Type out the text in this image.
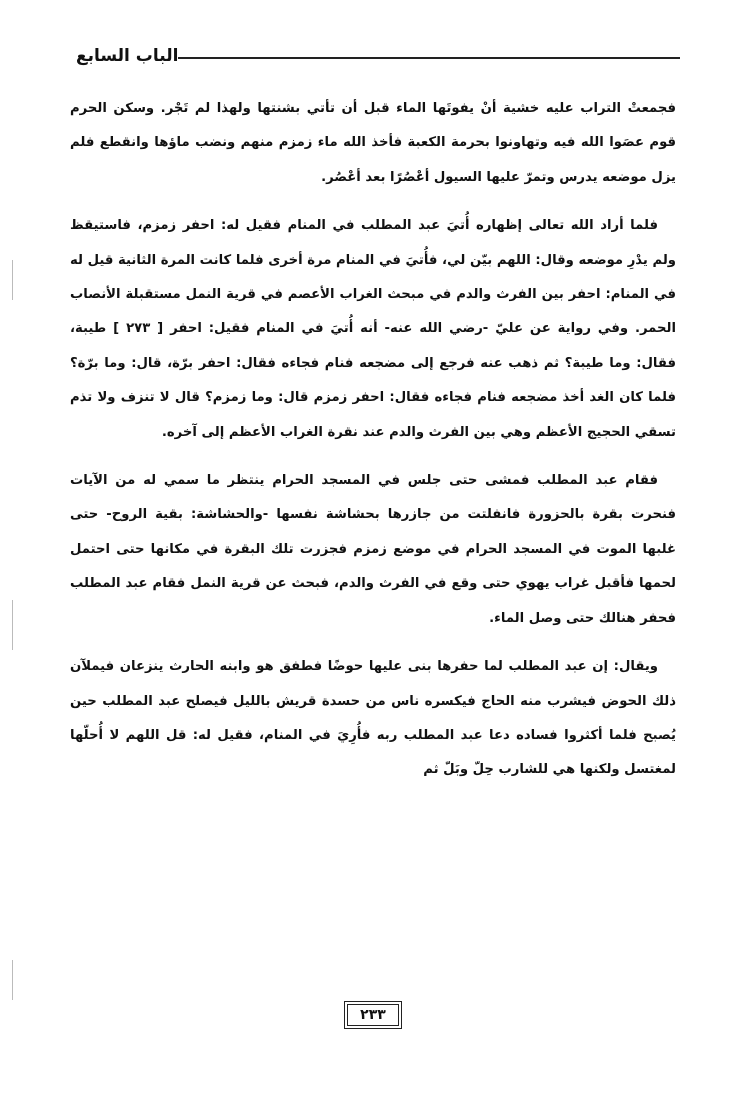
الباب السابع

فجمعتْ التراب عليه خشية أنْ يفوتَها الماء قبل أن تأتي بشنتها ولهذا لم تَجْر. وسكن الحرم قوم عصَوا الله فيه وتهاونوا بحرمة الكعبة فأخذ الله ماء زمزم منهم ونضب ماؤها وانقطع فلم يزل موضعه يدرس وتمرّ عليها السيول أعْصُرًا بعد أعْصُر.

فلما أراد الله تعالى إظهاره أُتيَ عبد المطلب في المنام فقيل له: احفر زمزم، فاستيقظ ولم يدْرِ موضعه وقال: اللهم بيّن لي، فأُتيَ في المنام مرة أخرى فلما كانت المرة الثانية قيل له في المنام: احفر بين الفرث والدم في مبحث الغراب الأعصم في قرية النمل مستقبلة الأنصاب الحمر. وفي رواية عن عليّ -رضي الله عنه- أنه أُتيَ في المنام فقيل: احفر [ ٢٧٣ ] طيبة، فقال: وما طيبة؟ ثم ذهب عنه فرجع إلى مضجعه فنام فجاءه فقال: احفر برّة، قال: وما برّة؟ فلما كان الغد أخذ مضجعه فنام فجاءه فقال: احفر زمزم قال: وما زمزم؟ قال لا تنزف ولا تذم تسقي الحجيج الأعظم وهي بين الفرث والدم عند نقرة الغراب الأعظم إلى آخره.

فقام عبد المطلب فمشى حتى جلس في المسجد الحرام ينتظر ما سمي له من الآيات فنحرت بقرة بالحزورة فانفلتت من جازرها بحشاشة نفسها -والحشاشة: بقية الروح- حتى غلبها الموت في المسجد الحرام في موضع زمزم فجزرت تلك البقرة في مكانها حتى احتمل لحمها فأقبل غراب يهوي حتى وقع في الفرث والدم، فبحث عن قرية النمل فقام عبد المطلب فحفر هنالك حتى وصل الماء.

ويقال: إن عبد المطلب لما حفرها بنى عليها حوضًا فطفق هو وابنه الحارث ينزعان فيملآن ذلك الحوض فيشرب منه الحاج فيكسره ناس من حسدة قريش بالليل فيصلح عبد المطلب حين يُصبح فلما أكثروا فساده دعا عبد المطلب ربه فأُرِيَ في المنام، فقيل له: قل اللهم لا أُحلّها لمغتسل ولكنها هي للشارب حِلّ وبَلّ ثم

٢٣٣
